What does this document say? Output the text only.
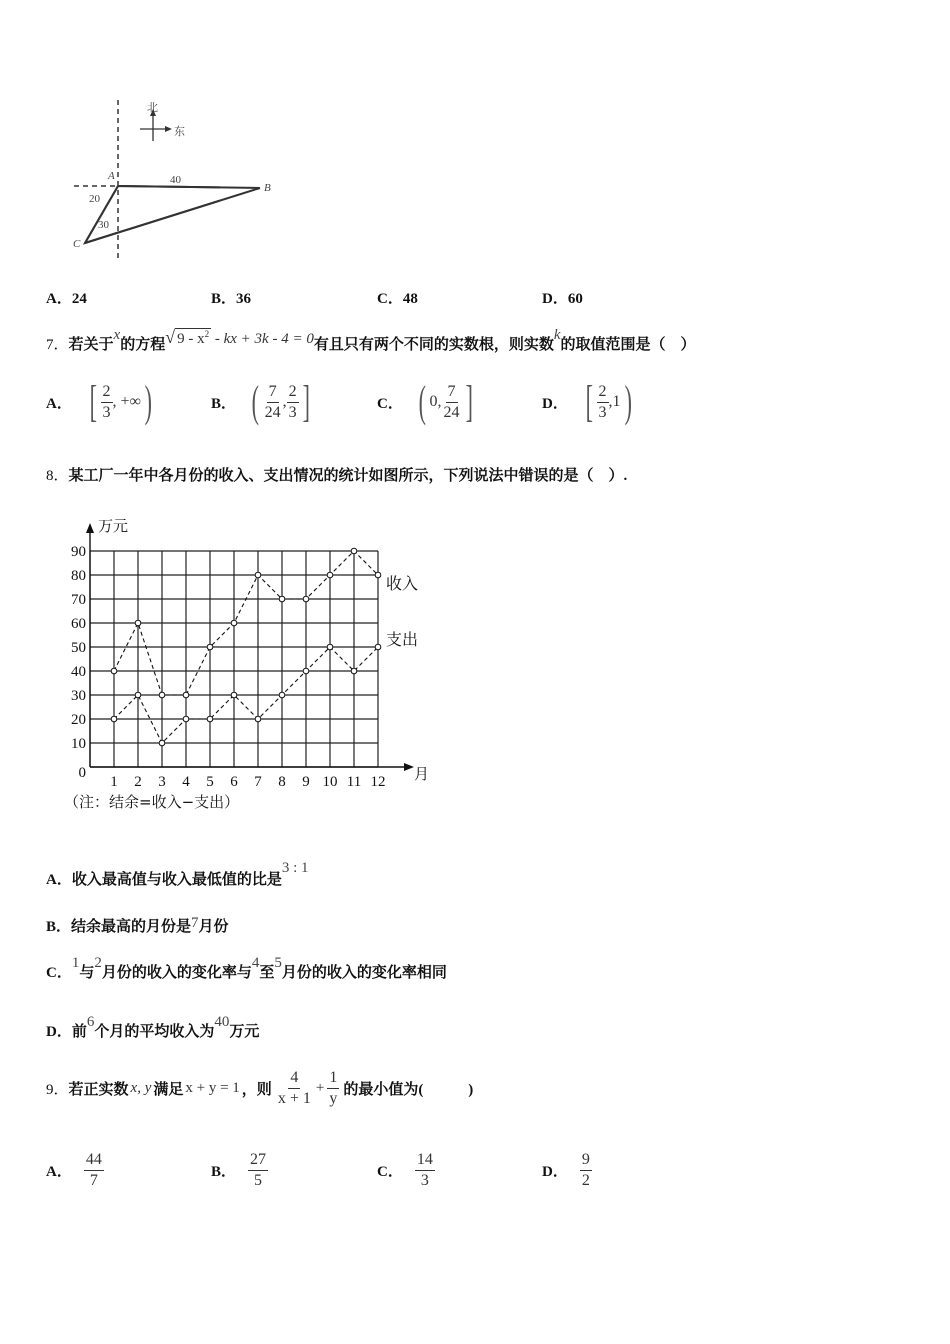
北
东
A
B
C
40
20
30
A．24	B．36	C．48	D．60
7．若关于x的方程√ $9 - x^2$ - kx + 3k - 4 = 0有且只有两个不同的实数根，则实数k的取值范围是（　）
A． [ $\frac{2}{3}$ , +∞ )	B． ( $\frac{7}{24}$ , $\frac{2}{3}$ ]	C． ( 0, $\frac{7}{24}$ ]	D． [ $\frac{2}{3} ,1$ )
8．某工厂一年中各月份的收入、支出情况的统计如图所示，下列说法中错误的是（　）.
0
10
20
30
40
50
60
70
80
90
1 2 3 4 5 6 7 8 9 10 11 12
万元
月
（注：结余=收入−支出）
收入
支出
A．收入最高值与收入最低值的比是3 : 1
B．结余最高的月份是7月份
C．1与2月份的收入的变化率与4至5月份的收入的变化率相同
D．前6个月的平均收入为40万元
9． 若正实数 x, y 满足 x + y = 1 ，则 $\frac{4}{x + 1} + \frac{1}{y}$ 的最小值为(　　　)
A． $\frac{44}{7}$	B． $\frac{27}{5}$	C． $\frac{14}{3}$	D． $\frac{9}{2}$
